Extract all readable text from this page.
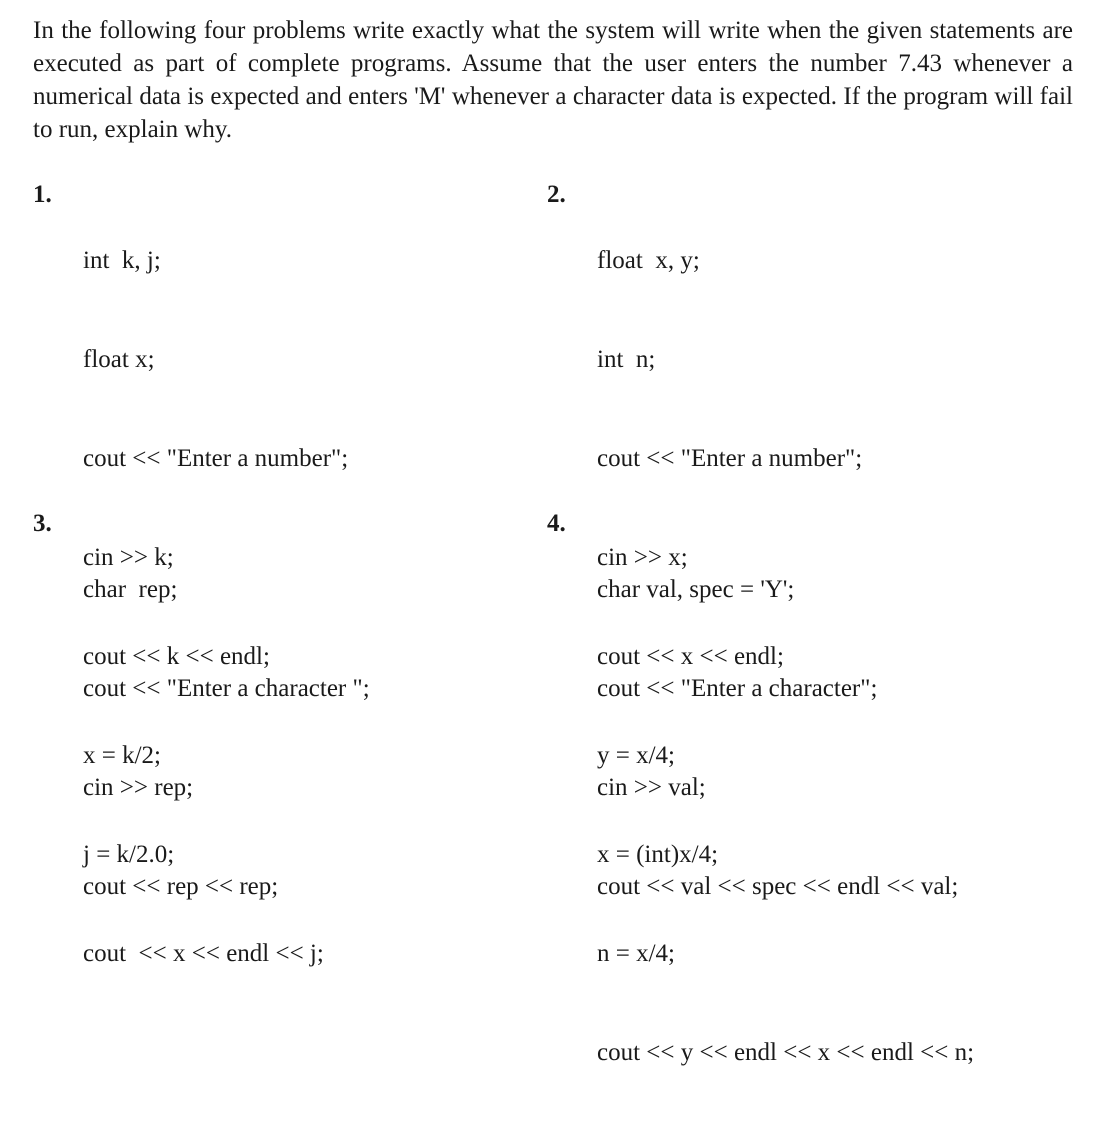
In the following four problems write exactly what the system will write when the given statements are executed as part of complete programs. Assume that the user enters the number 7.43 whenever a numerical data is expected and enters 'M' whenever a character data is expected. If the program will fail to run, explain why.

1.

int  k, j;

float x;

cout << "Enter a number";

cin >> k;

cout << k << endl;

x = k/2;

j = k/2.0;

cout  << x << endl << j;

2.

float  x, y;

int  n;

cout << "Enter a number";

cin >> x;

cout << x << endl;

y = x/4;

x = (int)x/4;

n = x/4;

cout << y << endl << x << endl << n;

3.

char  rep;

cout << "Enter a character ";

cin >> rep;

cout << rep << rep;

4.

char val, spec = 'Y';

cout << "Enter a character";

cin >> val;

cout << val << spec << endl << val;
